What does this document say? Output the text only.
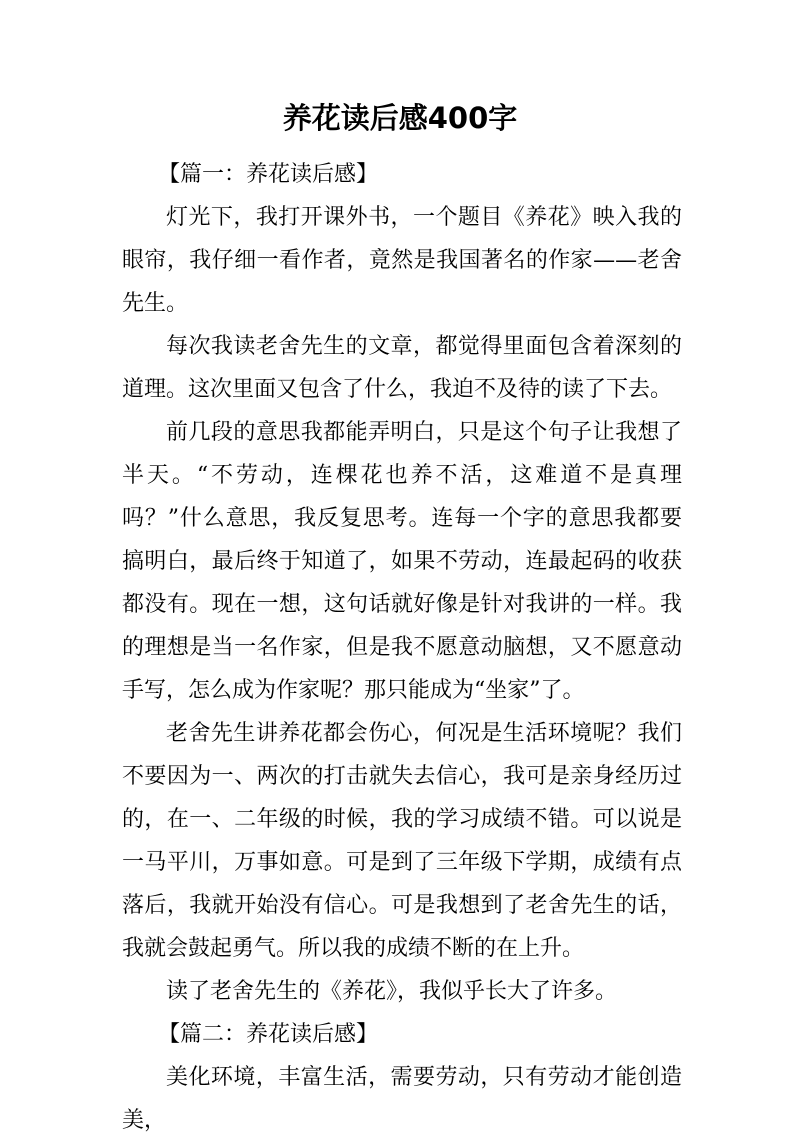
养花读后感400字

【篇一：养花读后感】

灯光下，我打开课外书，一个题目《养花》映入我的眼帘，我仔细一看作者，竟然是我国著名的作家——老舍先生。

每次我读老舍先生的文章，都觉得里面包含着深刻的道理。这次里面又包含了什么，我迫不及待的读了下去。

前几段的意思我都能弄明白，只是这个句子让我想了半天。“不劳动，连棵花也养不活，这难道不是真理吗？”什么意思，我反复思考。连每一个字的意思我都要搞明白，最后终于知道了，如果不劳动，连最起码的收获都没有。现在一想，这句话就好像是针对我讲的一样。我的理想是当一名作家，但是我不愿意动脑想，又不愿意动手写，怎么成为作家呢？那只能成为“坐家”了。

老舍先生讲养花都会伤心，何况是生活环境呢？我们不要因为一、两次的打击就失去信心，我可是亲身经历过的，在一、二年级的时候，我的学习成绩不错。可以说是一马平川，万事如意。可是到了三年级下学期，成绩有点落后，我就开始没有信心。可是我想到了老舍先生的话，我就会鼓起勇气。所以我的成绩不断的在上升。

读了老舍先生的《养花》，我似乎长大了许多。

【篇二：养花读后感】

美化环境，丰富生活，需要劳动，只有劳动才能创造美，
